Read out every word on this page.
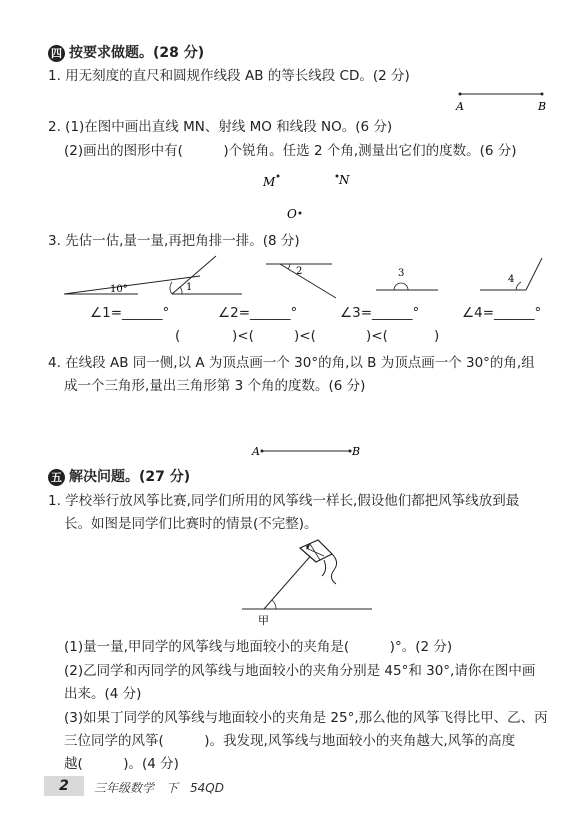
四 按要求做题。(28 分)
1. 用无刻度的直尺和圆规作线段 AB 的等长线段 CD。(2 分)
A	B
2. (1)在图中画出直线 MN、射线 MO 和线段 NO。(6 分)
(2)画出的图形中有(　　　)个锐角。任选 2 个角,测量出它们的度数。(6 分)
M	N
O
3. 先估一估,量一量,再把角排一排。(8 分)
10°	1
2	3
4
∠1=______°	∠2=______°	∠3=______°	∠4=______°
(	)<(	)<(	)<(	)
4. 在线段 AB 同一侧,以 A 为顶点画一个 30°的角,以 B 为顶点画一个 30°的角,组
成一个三角形,量出三角形第 3 个角的度数。(6 分)
A	B
五 解决问题。(27 分)
1. 学校举行放风筝比赛,同学们所用的风筝线一样长,假设他们都把风筝线放到最
长。如图是同学们比赛时的情景(不完整)。
甲
(1)量一量,甲同学的风筝线与地面较小的夹角是(　　　)°。(2 分)
(2)乙同学和丙同学的风筝线与地面较小的夹角分别是 45°和 30°,请你在图中画
出来。(4 分)
(3)如果丁同学的风筝线与地面较小的夹角是 25°,那么他的风筝飞得比甲、乙、丙
三位同学的风筝(　　　)。我发现,风筝线与地面较小的夹角越大,风筝的高度
越(　　　)。(4 分)
2	三年级数学　下　54QD
